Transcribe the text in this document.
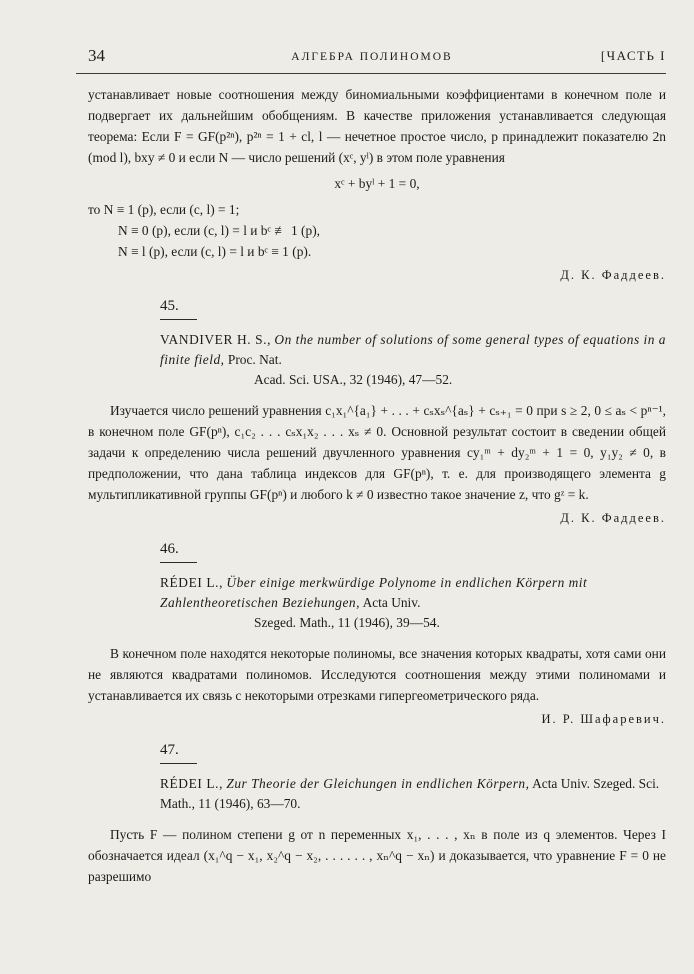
34	АЛГЕБРА ПОЛИНОМОВ	[ЧАСТЬ I

устанавливает новые соотношения между биномиальными коэффициентами в конечном поле и подвергает их дальнейшим обобщениям. В качестве приложения устанавливается следующая теорема: Если F = GF(p²ⁿ), p²ⁿ = 1 + cl, l — нечетное простое число, p принадлежит показателю 2n (mod l), bxy ≠ 0 и если N — число решений (xᶜ, yˡ) в этом поле уравнения

xᶜ + byˡ + 1 = 0,

то N ≡ 1 (p), если (c, l) = 1;

N ≡ 0 (p), если (c, l) = l и bᶜ ≢ 1 (p),

N ≡ l (p), если (c, l) = l и bᶜ ≡ 1 (p).

Д. К. Фаддеев.

45.
VANDIVER H. S., On the number of solutions of some general types of equations in a finite field, Proc. Nat.
Acad. Sci. USA., 32 (1946), 47—52.

Изучается число решений уравнения c₁x₁^{a₁} + . . . + cₛxₛ^{aₛ} + cₛ₊₁ = 0 при s ≥ 2, 0 ≤ aₛ < pⁿ⁻¹, в конечном поле GF(pⁿ), c₁c₂ . . . cₛx₁x₂ . . . xₛ ≠ 0. Основной результат состоит в сведении общей задачи к определению числа решений двучленного уравнения cy₁ᵐ + dy₂ᵐ + 1 = 0, y₁y₂ ≠ 0, в предположении, что дана таблица индексов для GF(pⁿ), т. е. для производящего элемента g мультипликативной группы GF(pⁿ) и любого k ≠ 0 известно такое значение z, что gᶻ = k.

Д. К. Фаддеев.

46.
RÉDEI L., Über einige merkwürdige Polynome in endlichen Körpern mit Zahlentheoretischen Beziehungen, Acta Univ.
Szeged. Math., 11 (1946), 39—54.

В конечном поле находятся некоторые полиномы, все значения которых квадраты, хотя сами они не являются квадратами полиномов. Исследуются соотношения между этими полиномами и устанавливается их связь с некоторыми отрезками гипергеометрического ряда.

И. Р. Шафаревич.

47.
RÉDEI L., Zur Theorie der Gleichungen in endlichen Körpern, Acta Univ. Szeged. Sci. Math., 11 (1946), 63—70.

Пусть F — полином степени g от n переменных x₁, . . . , xₙ в поле из q элементов. Через I обозначается идеал (x₁^q − x₁, x₂^q − x₂, . . . . . . , xₙ^q − xₙ) и доказывается, что уравнение F = 0 не разрешимо
